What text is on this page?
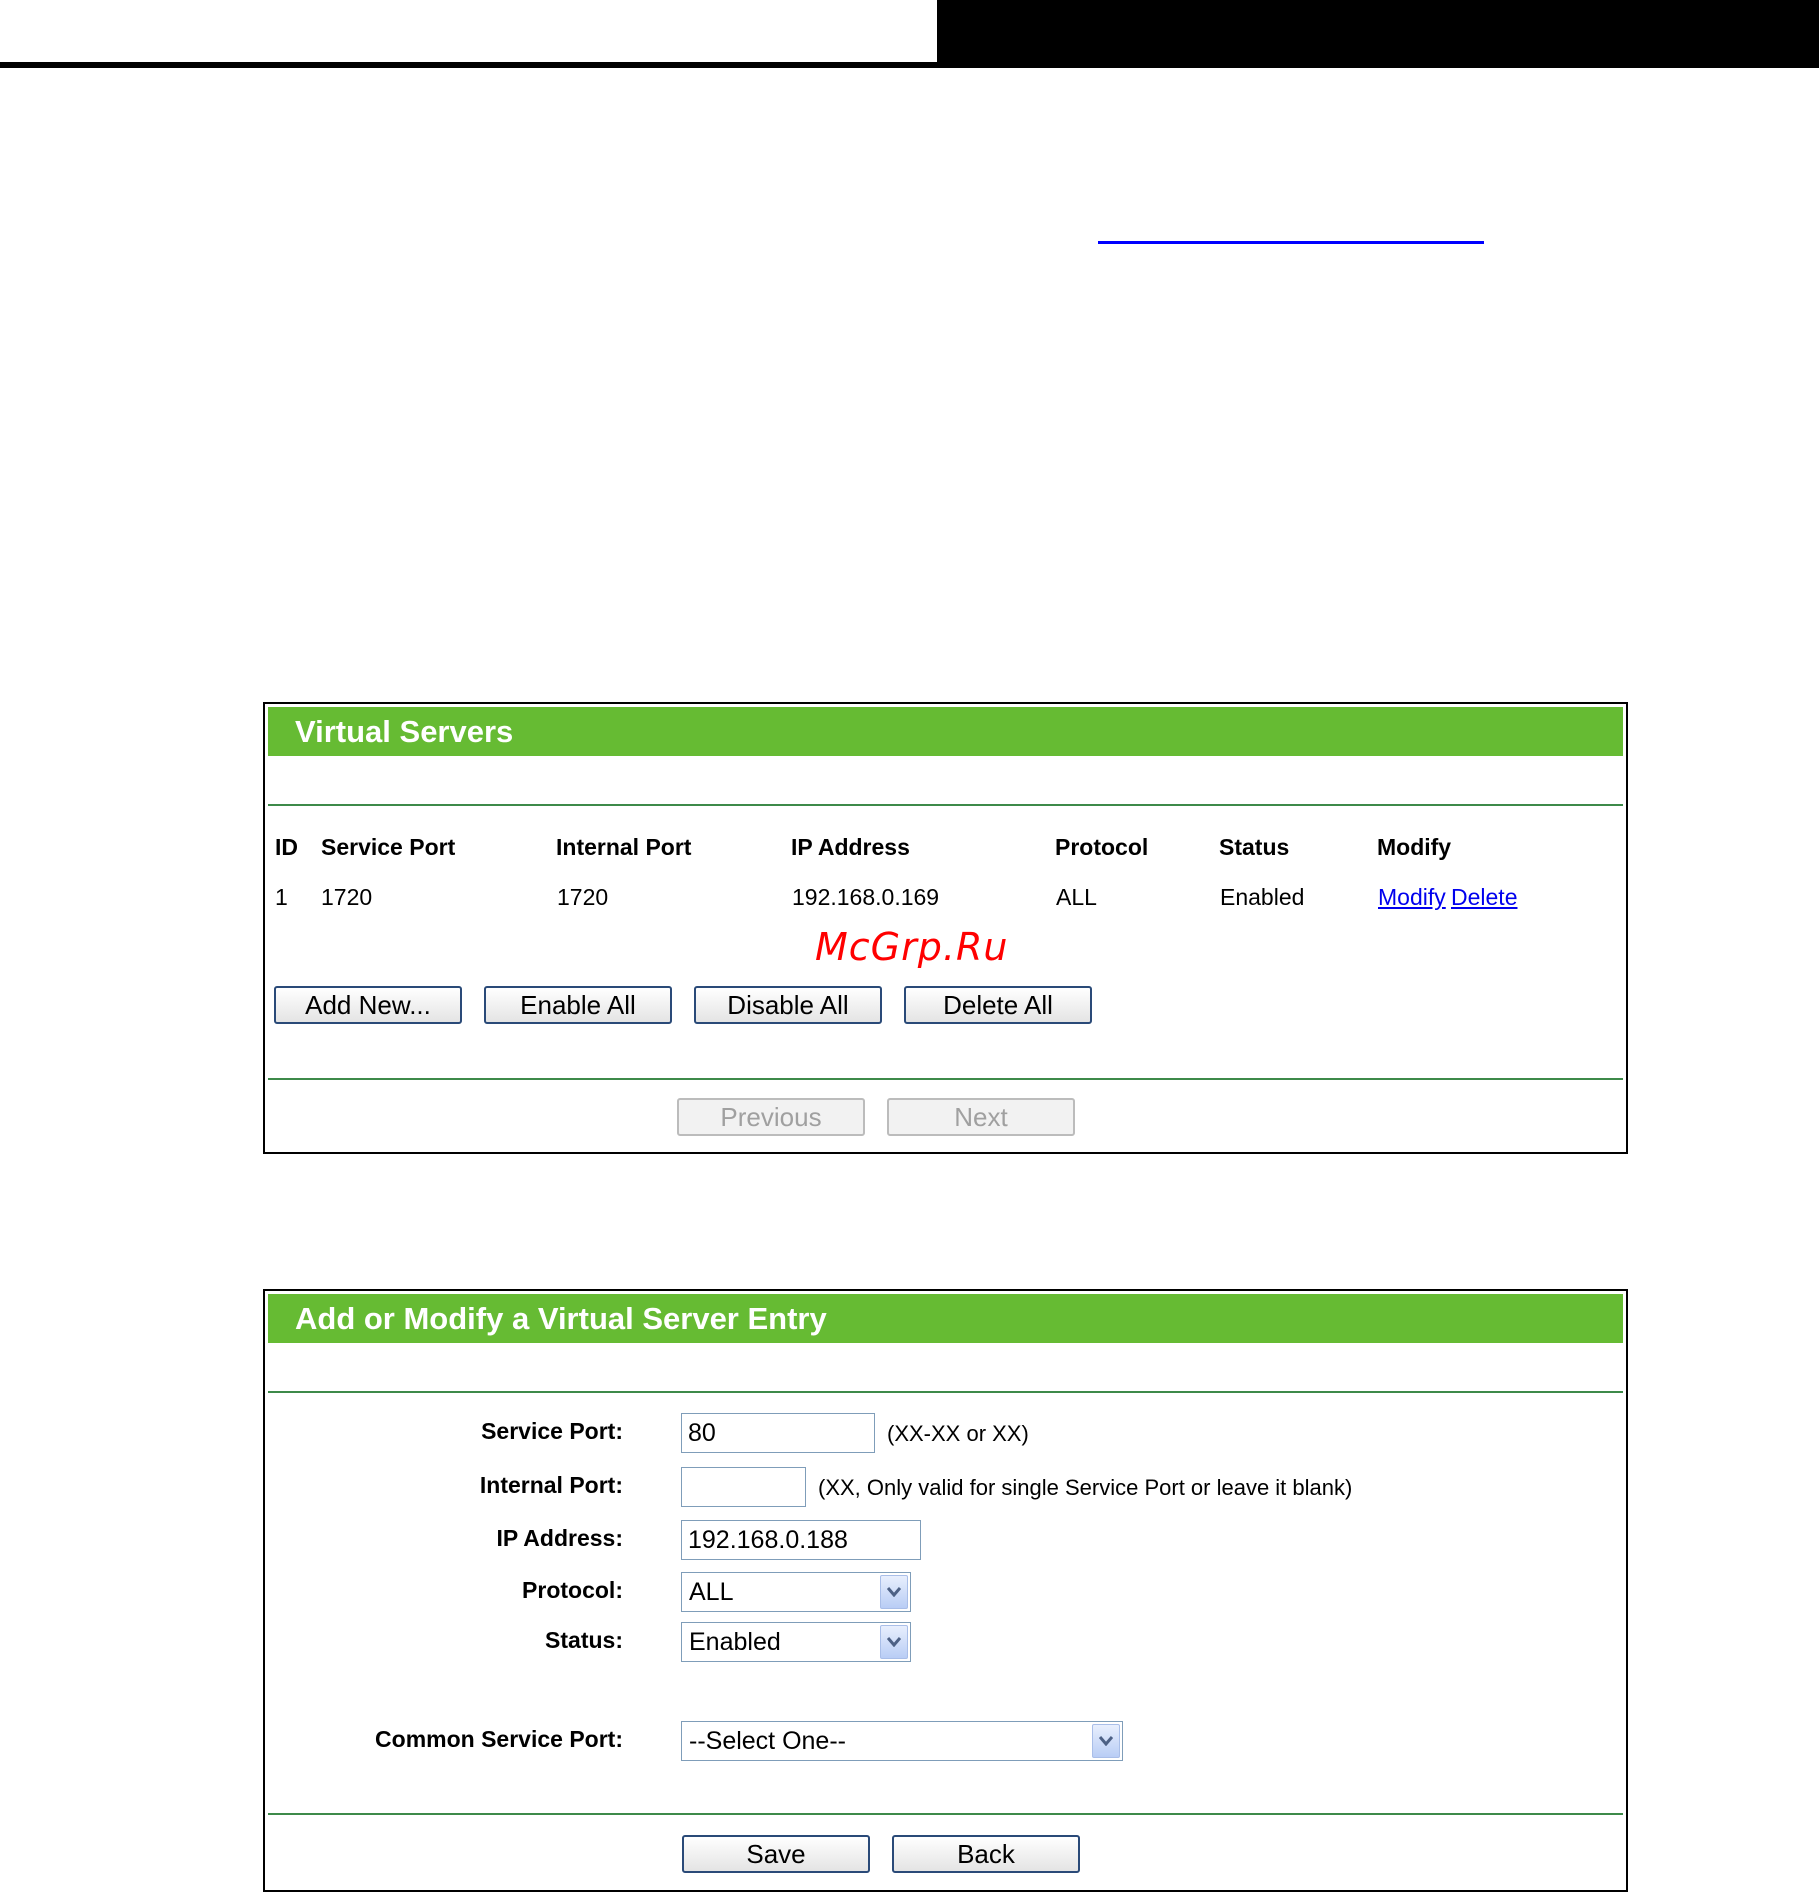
Virtual Servers
ID Service Port	Internal Port	IP Address	Protocol	Status	Modify
1 1720	1720	192.168.0.169	ALL	Enabled	Modify Delete
Add New...	Enable All	Disable All	Delete All
Previous	Next
McGrp.Ru
Add or Modify a Virtual Server Entry
Service Port:
80	(XX-XX or XX)
Internal Port:	(XX, Only valid for single Service Port or leave it blank)
IP Address:
192.168.0.188
Protocol:	ALL
Status:	Enabled
Common Service Port:	--Select One--
Save	Back
